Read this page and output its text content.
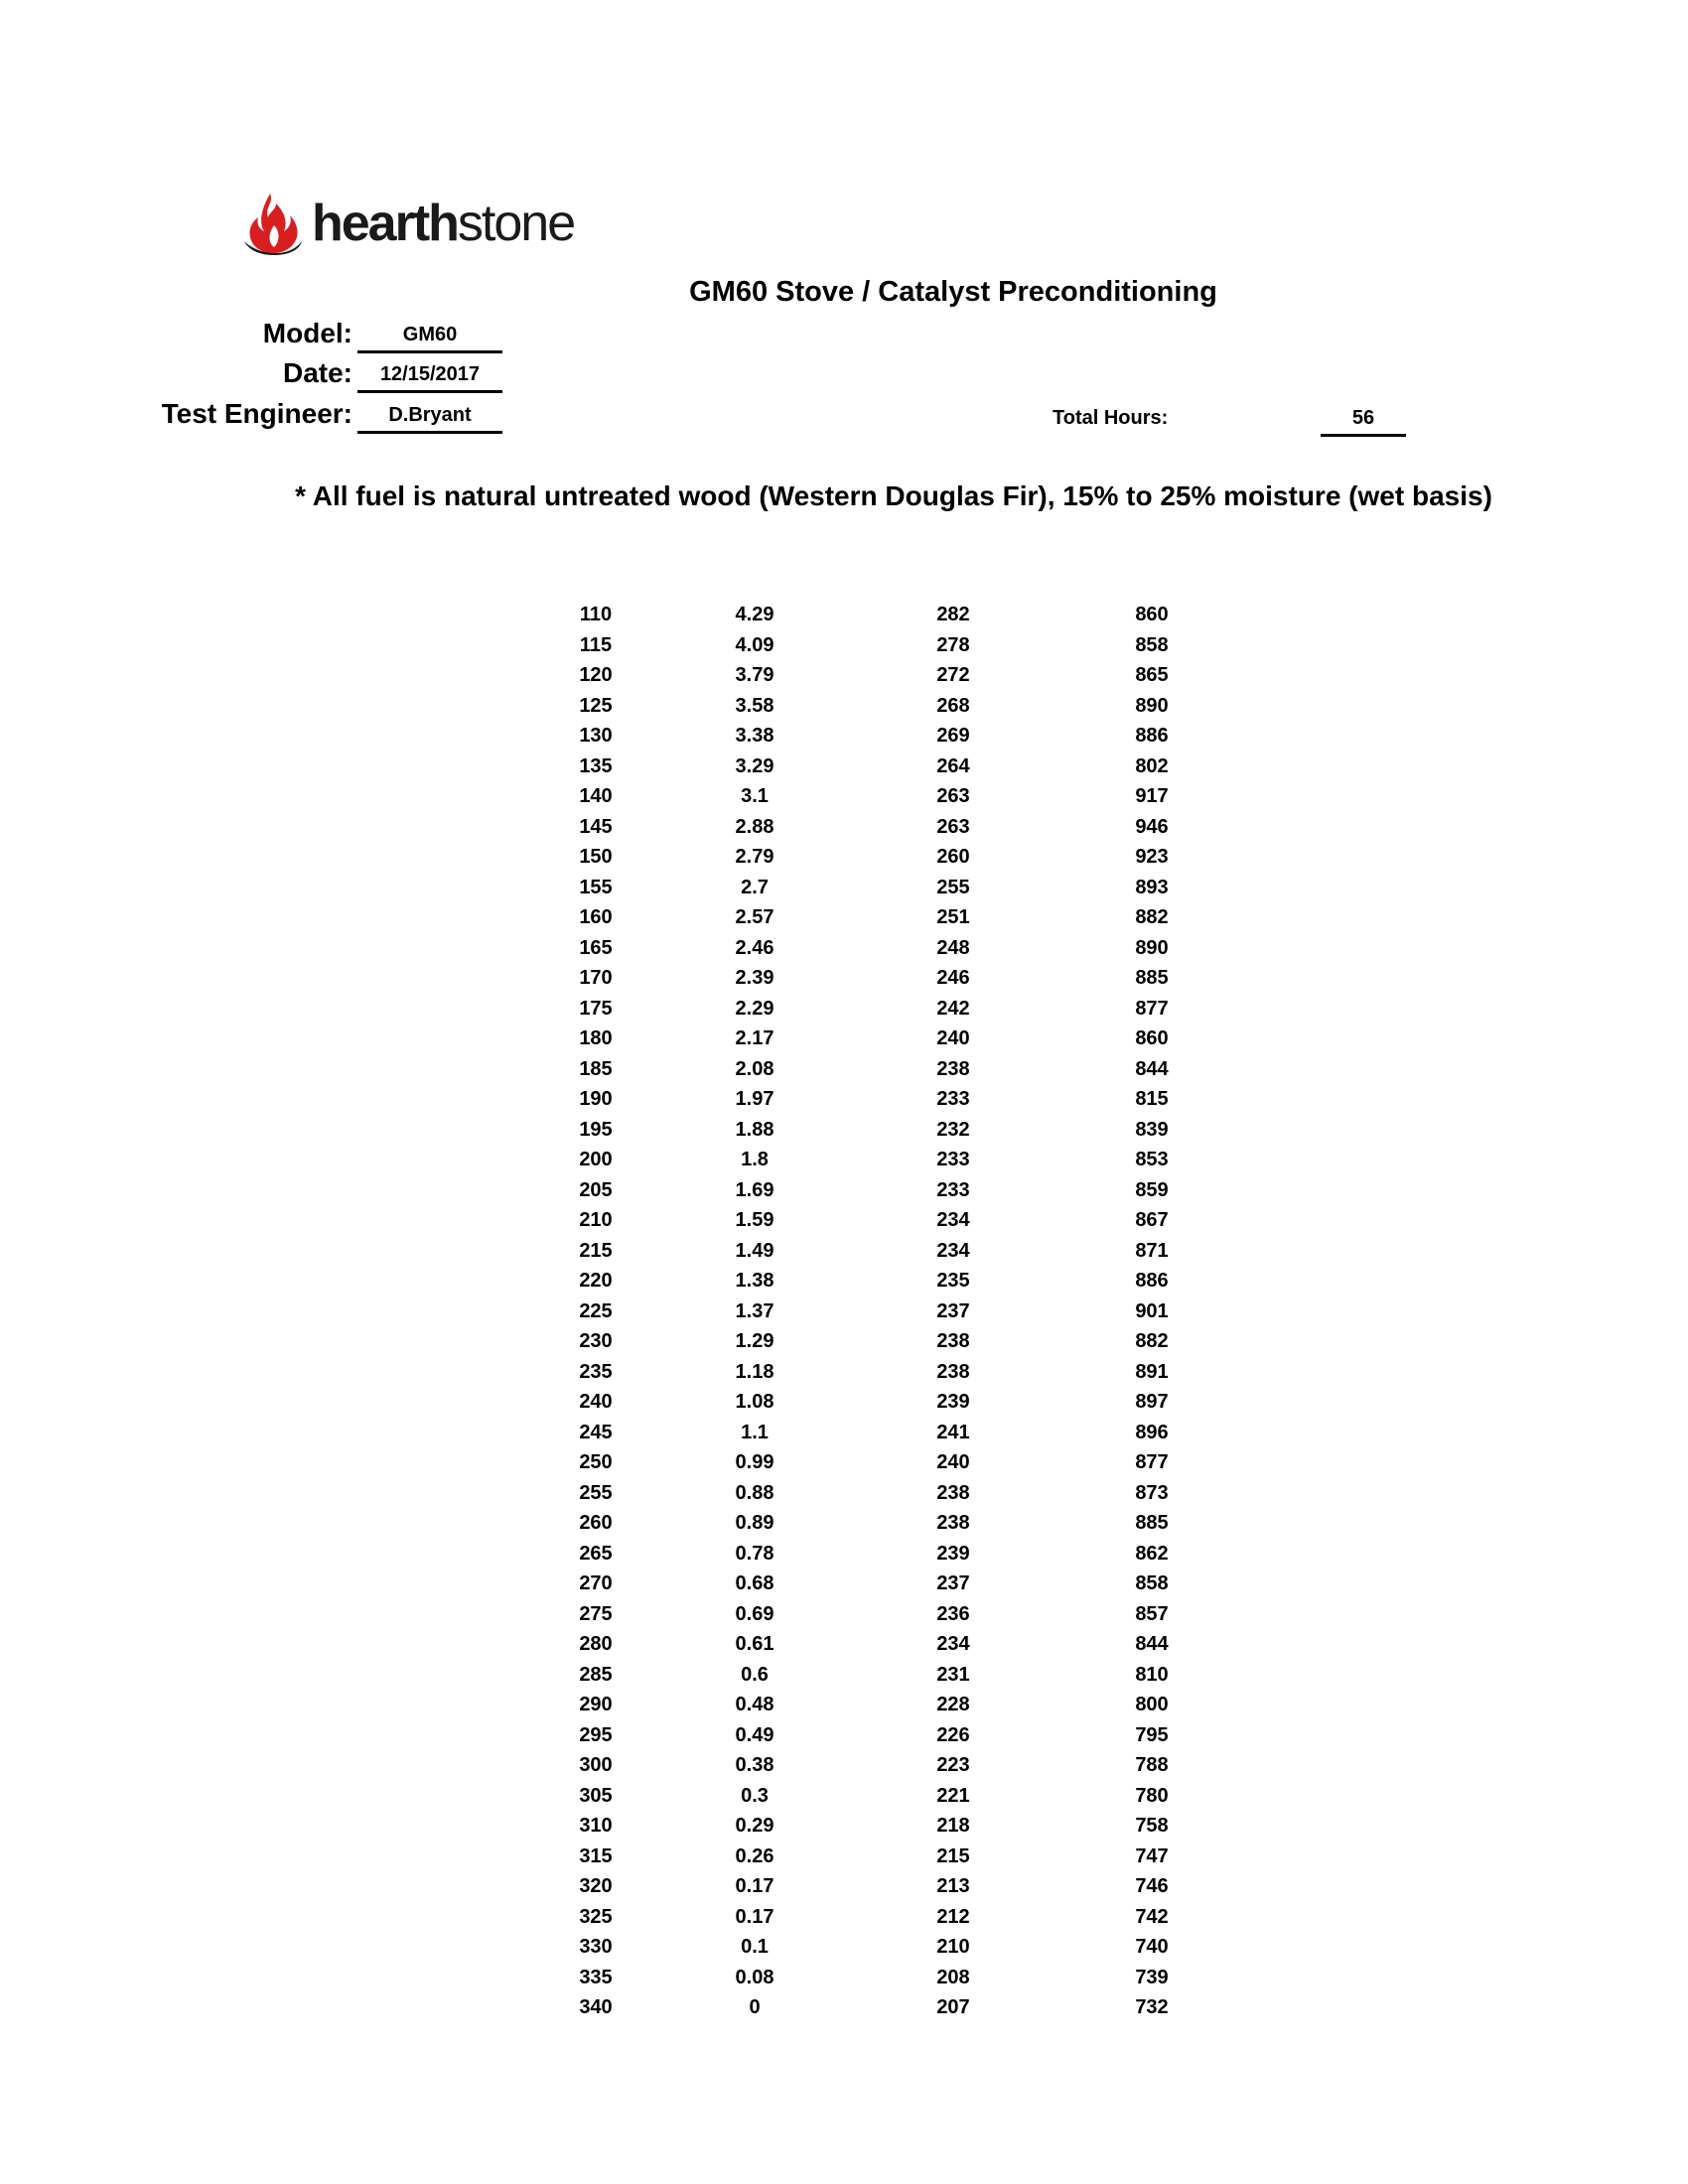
hearthstone
GM60 Stove / Catalyst Preconditioning
Model:	GM60
Date:	12/15/2017
Test Engineer:	D.Bryant	Total Hours:	56
* All fuel is natural untreated wood (Western Douglas Fir), 15% to 25% moisture (wet basis)
110	4.29	282	860
115	4.09	278	858
120	3.79	272	865
125	3.58	268	890
130	3.38	269	886
135	3.29	264	802
140	3.1	263	917
145	2.88	263	946
150	2.79	260	923
155	2.7	255	893
160	2.57	251	882
165	2.46	248	890
170	2.39	246	885
175	2.29	242	877
180	2.17	240	860
185	2.08	238	844
190	1.97	233	815
195	1.88	232	839
200	1.8	233	853
205	1.69	233	859
210	1.59	234	867
215	1.49	234	871
220	1.38	235	886
225	1.37	237	901
230	1.29	238	882
235	1.18	238	891
240	1.08	239	897
245	1.1	241	896
250	0.99	240	877
255	0.88	238	873
260	0.89	238	885
265	0.78	239	862
270	0.68	237	858
275	0.69	236	857
280	0.61	234	844
285	0.6	231	810
290	0.48	228	800
295	0.49	226	795
300	0.38	223	788
305	0.3	221	780
310	0.29	218	758
315	0.26	215	747
320	0.17	213	746
325	0.17	212	742
330	0.1	210	740
335	0.08	208	739
340	0	207	732
